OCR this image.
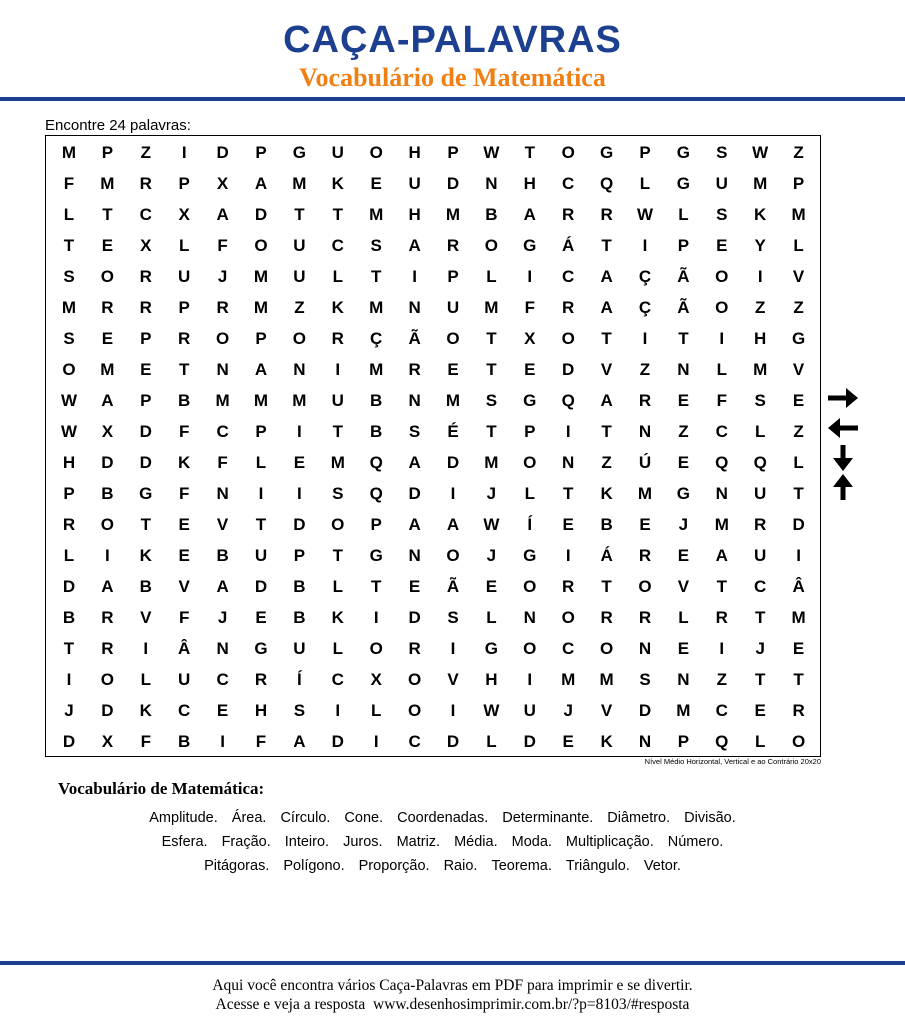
CAÇA-PALAVRAS
Vocabulário de Matemática
Encontre 24 palavras:
M	P	Z	I	D	P	G	U	O	H	P	W	T	O	G	P	G	S	W	Z
F	M	R	P	X	A	M	K	E	U	D	N	H	C	Q	L	G	U	M	P
L	T	C	X	A	D	T	T	M	H	M	B	A	R	R	W	L	S	K	M
T	E	X	L	F	O	U	C	S	A	R	O	G	Á	T	I	P	E	Y	L
S	O	R	U	J	M	U	L	T	I	P	L	I	C	A	Ç	Ã	O	I	V
M	R	R	P	R	M	Z	K	M	N	U	M	F	R	A	Ç	Ã	O	Z	Z
S	E	P	R	O	P	O	R	Ç	Ã	O	T	X	O	T	I	T	I	H	G
O	M	E	T	N	A	N	I	M	R	E	T	E	D	V	Z	N	L	M	V
W	A	P	B	M	M	M	U	B	N	M	S	G	Q	A	R	E	F	S	E
W	X	D	F	C	P	I	T	B	S	É	T	P	I	T	N	Z	C	L	Z
H	D	D	K	F	L	E	M	Q	A	D	M	O	N	Z	Ú	E	Q	Q	L
P	B	G	F	N	I	I	S	Q	D	I	J	L	T	K	M	G	N	U	T
R	O	T	E	V	T	D	O	P	A	A	W	Í	E	B	E	J	M	R	D
L	I	K	E	B	U	P	T	G	N	O	J	G	I	Á	R	E	A	U	I
D	A	B	V	A	D	B	L	T	E	Ã	E	O	R	T	O	V	T	C	Â
B	R	V	F	J	E	B	K	I	D	S	L	N	O	R	R	L	R	T	M
T	R	I	Â	N	G	U	L	O	R	I	G	O	C	O	N	E	I	J	E
I	O	L	U	C	R	Í	C	X	O	V	H	I	M	M	S	N	Z	T	T
J	D	K	C	E	H	S	I	L	O	I	W	U	J	V	D	M	C	E	R
D	X	F	B	I	F	A	D	I	C	D	L	D	E	K	N	P	Q	L	O
Nível Médio Horizontal, Vertical e ao Contrário 20x20
Vocabulário de Matemática:
Amplitude. Área. Círculo. Cone. Coordenadas. Determinante. Diâmetro. Divisão.
Esfera. Fração. Inteiro. Juros. Matriz. Média. Moda. Multiplicação. Número.
Pitágoras. Polígono. Proporção. Raio. Teorema. Triângulo. Vetor.
Aqui você encontra vários Caça-Palavras em PDF para imprimir e se divertir.
Acesse e veja a resposta  www.desenhosimprimir.com.br/?p=8103/#resposta
